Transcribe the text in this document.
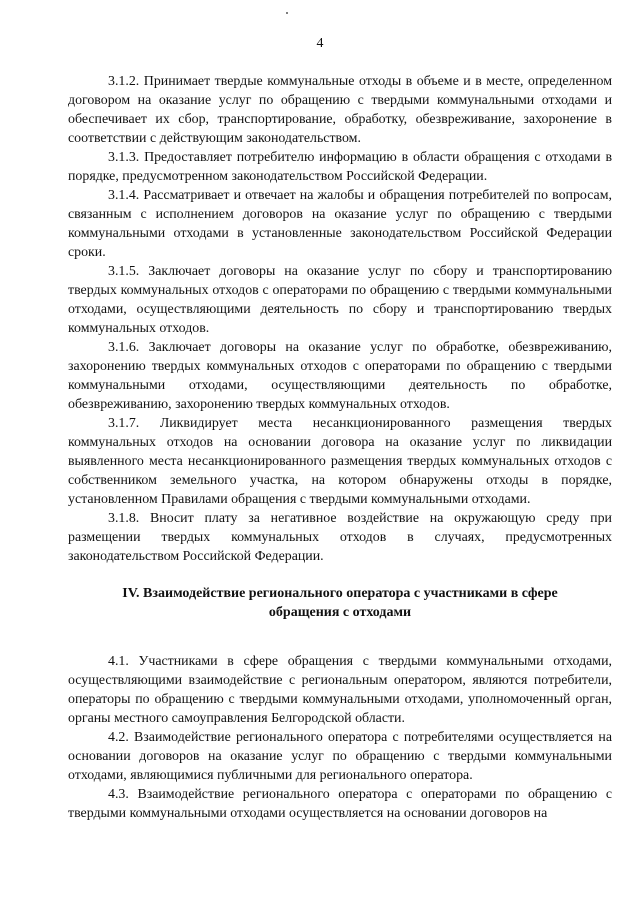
4

3.1.2. Принимает твердые коммунальные отходы в объеме и в месте, определенном договором на оказание услуг по обращению с твердыми коммунальными отходами и обеспечивает их сбор, транспортирование, обработку, обезвреживание, захоронение в соответствии с действующим законодательством.

3.1.3. Предоставляет потребителю информацию в области обращения с отходами в порядке, предусмотренном законодательством Российской Федерации.

3.1.4. Рассматривает и отвечает на жалобы и обращения потребителей по вопросам, связанным с исполнением договоров на оказание услуг по обращению с твердыми коммунальными отходами в установленные законодательством Российской Федерации сроки.

3.1.5. Заключает договоры на оказание услуг по сбору и транспортированию твердых коммунальных отходов с операторами по обращению с твердыми коммунальными отходами, осуществляющими деятельность по сбору и транспортированию твердых коммунальных отходов.

3.1.6. Заключает договоры на оказание услуг по обработке, обезвреживанию, захоронению твердых коммунальных отходов с операторами по обращению с твердыми коммунальными отходами, осуществляющими деятельность по обработке, обезвреживанию, захоронению твердых коммунальных отходов.

3.1.7. Ликвидирует места несанкционированного размещения твердых коммунальных отходов на основании договора на оказание услуг по ликвидации выявленного места несанкционированного размещения твердых коммунальных отходов с собственником земельного участка, на котором обнаружены отходы в порядке, установленном Правилами обращения с твердыми коммунальными отходами.

3.1.8. Вносит плату за негативное воздействие на окружающую среду при размещении твердых коммунальных отходов в случаях, предусмотренных законодательством Российской Федерации.

IV. Взаимодействие регионального оператора с участниками в сфере обращения с отходами

4.1. Участниками в сфере обращения с твердыми коммунальными отходами, осуществляющими взаимодействие с региональным оператором, являются потребители, операторы по обращению с твердыми коммунальными отходами, уполномоченный орган, органы местного самоуправления Белгородской области.

4.2. Взаимодействие регионального оператора с потребителями осуществляется на основании договоров на оказание услуг по обращению с твердыми коммунальными отходами, являющимися публичными для регионального оператора.

4.3. Взаимодействие регионального оператора с операторами по обращению с твердыми коммунальными отходами осуществляется на основании договоров на
